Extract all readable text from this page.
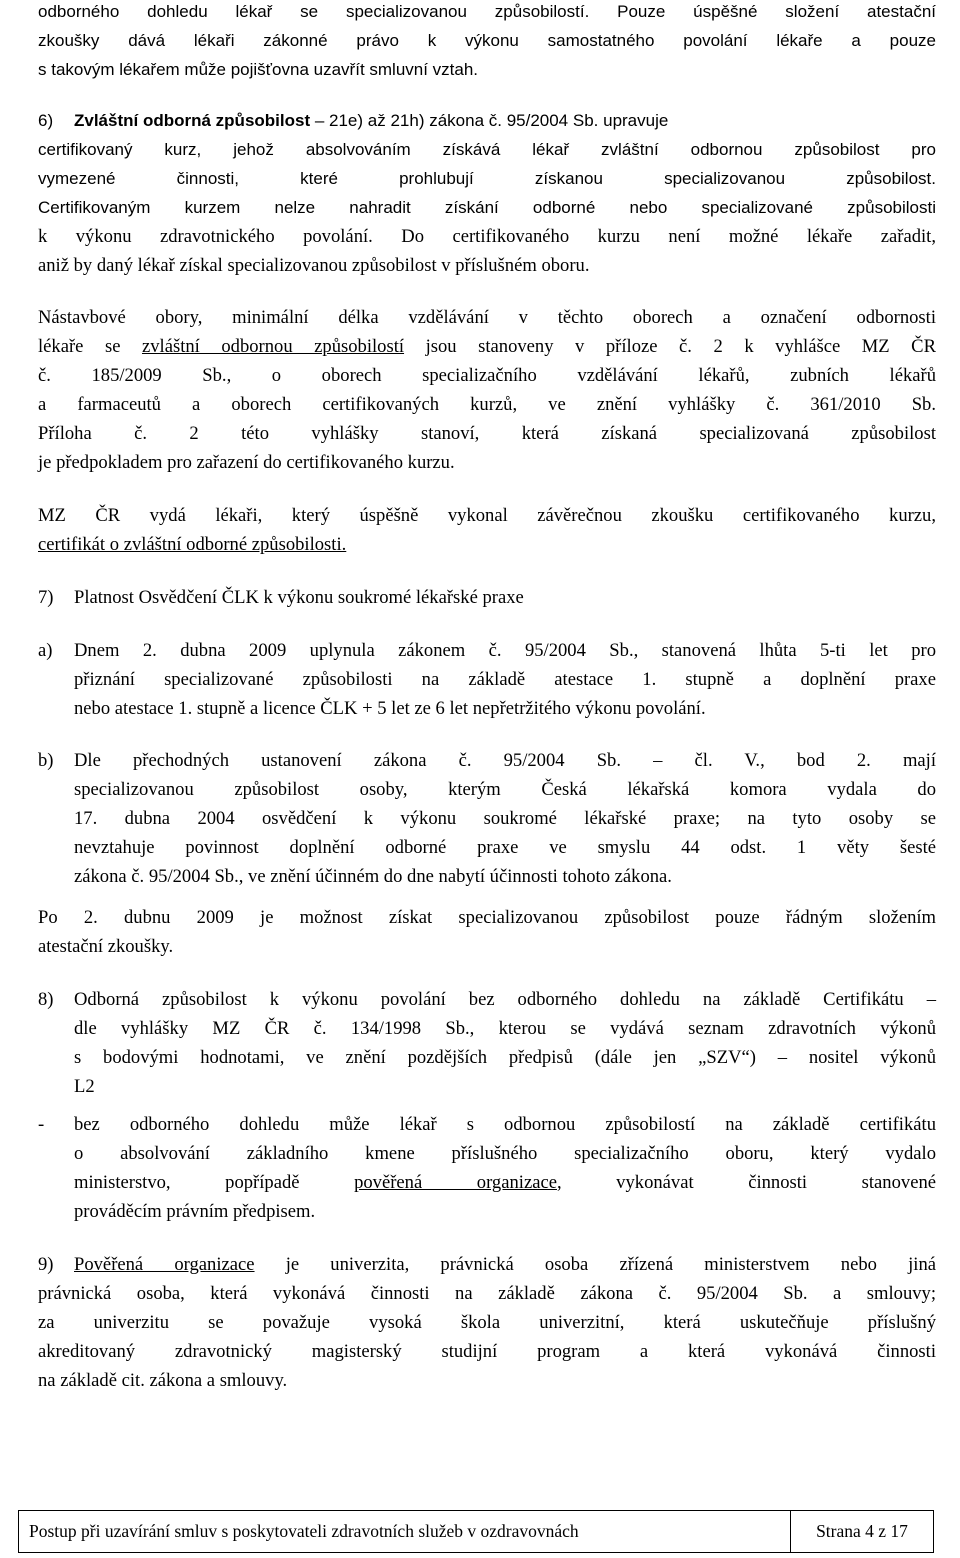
odborného dohledu lékař se specializovanou způsobilostí. Pouze úspěšné složení atestační
zkoušky dává lékaři zákonné právo k výkonu samostatného povolání lékaře a pouze
s takovým lékařem může pojišťovna uzavřít smluvní vztah.
6) Zvláštní odborná způsobilost – 21e) až 21h) zákona č. 95/2004 Sb. upravuje
certifikovaný kurz, jehož absolvováním získává lékař zvláštní odbornou způsobilost pro
vymezené činnosti, které prohlubují získanou specializovanou způsobilost.
Certifikovaným kurzem nelze nahradit získání odborné nebo specializované způsobilosti
k výkonu zdravotnického povolání. Do certifikovaného kurzu není možné lékaře zařadit,
aniž by daný lékař získal specializovanou způsobilost v příslušném oboru.
Nástavbové obory, minimální délka vzdělávání v těchto oborech a označení odbornosti
lékaře se zvláštní odbornou způsobilostí jsou stanoveny v příloze č. 2 k vyhlášce MZ ČR
č. 185/2009 Sb., o oborech specializačního vzdělávání lékařů, zubních lékařů
a farmaceutů a oborech certifikovaných kurzů, ve znění vyhlášky č. 361/2010 Sb.
Příloha č. 2 této vyhlášky stanoví, která získaná specializovaná způsobilost
je předpokladem pro zařazení do certifikovaného kurzu.
MZ ČR vydá lékaři, který úspěšně vykonal závěrečnou zkoušku certifikovaného kurzu,
certifikát o zvláštní odborné způsobilosti.
7) Platnost Osvědčení ČLK k výkonu soukromé lékařské praxe
a) Dnem 2. dubna 2009 uplynula zákonem č. 95/2004 Sb., stanovená lhůta 5-ti let pro
přiznání specializované způsobilosti na základě atestace 1. stupně a doplnění praxe
nebo atestace 1. stupně a licence ČLK + 5 let ze 6 let nepřetržitého výkonu povolání.
b) Dle přechodných ustanovení zákona č. 95/2004 Sb. – čl. V., bod 2. mají
specializovanou způsobilost osoby, kterým Česká lékařská komora vydala do
17. dubna 2004 osvědčení k výkonu soukromé lékařské praxe; na tyto osoby se
nevztahuje povinnost doplnění odborné praxe ve smyslu 44 odst. 1 věty šesté
zákona č. 95/2004 Sb., ve znění účinném do dne nabytí účinnosti tohoto zákona.
Po 2. dubnu 2009 je možnost získat specializovanou způsobilost pouze řádným složením
atestační zkoušky.
8) Odborná způsobilost k výkonu povolání bez odborného dohledu na základě Certifikátu –
dle vyhlášky MZ ČR č. 134/1998 Sb., kterou se vydává seznam zdravotních výkonů
s bodovými hodnotami, ve znění pozdějších předpisů (dále jen „SZV“) – nositel výkonů
L2
- bez odborného dohledu může lékař s odbornou způsobilostí na základě certifikátu
o absolvování základního kmene příslušného specializačního oboru, který vydalo
ministerstvo, popřípadě pověřená organizace, vykonávat činnosti stanovené
prováděcím právním předpisem.
9) Pověřená organizace je univerzita, právnická osoba zřízená ministerstvem nebo jiná
právnická osoba, která vykonává činnosti na základě zákona č. 95/2004 Sb. a smlouvy;
za univerzitu se považuje vysoká škola univerzitní, která uskutečňuje příslušný
akreditovaný zdravotnický magisterský studijní program a která vykonává činnosti
na základě cit. zákona a smlouvy.
Postup při uzavírání smluv s poskytovateli zdravotních služeb v ozdravovnách	Strana 4 z 17
